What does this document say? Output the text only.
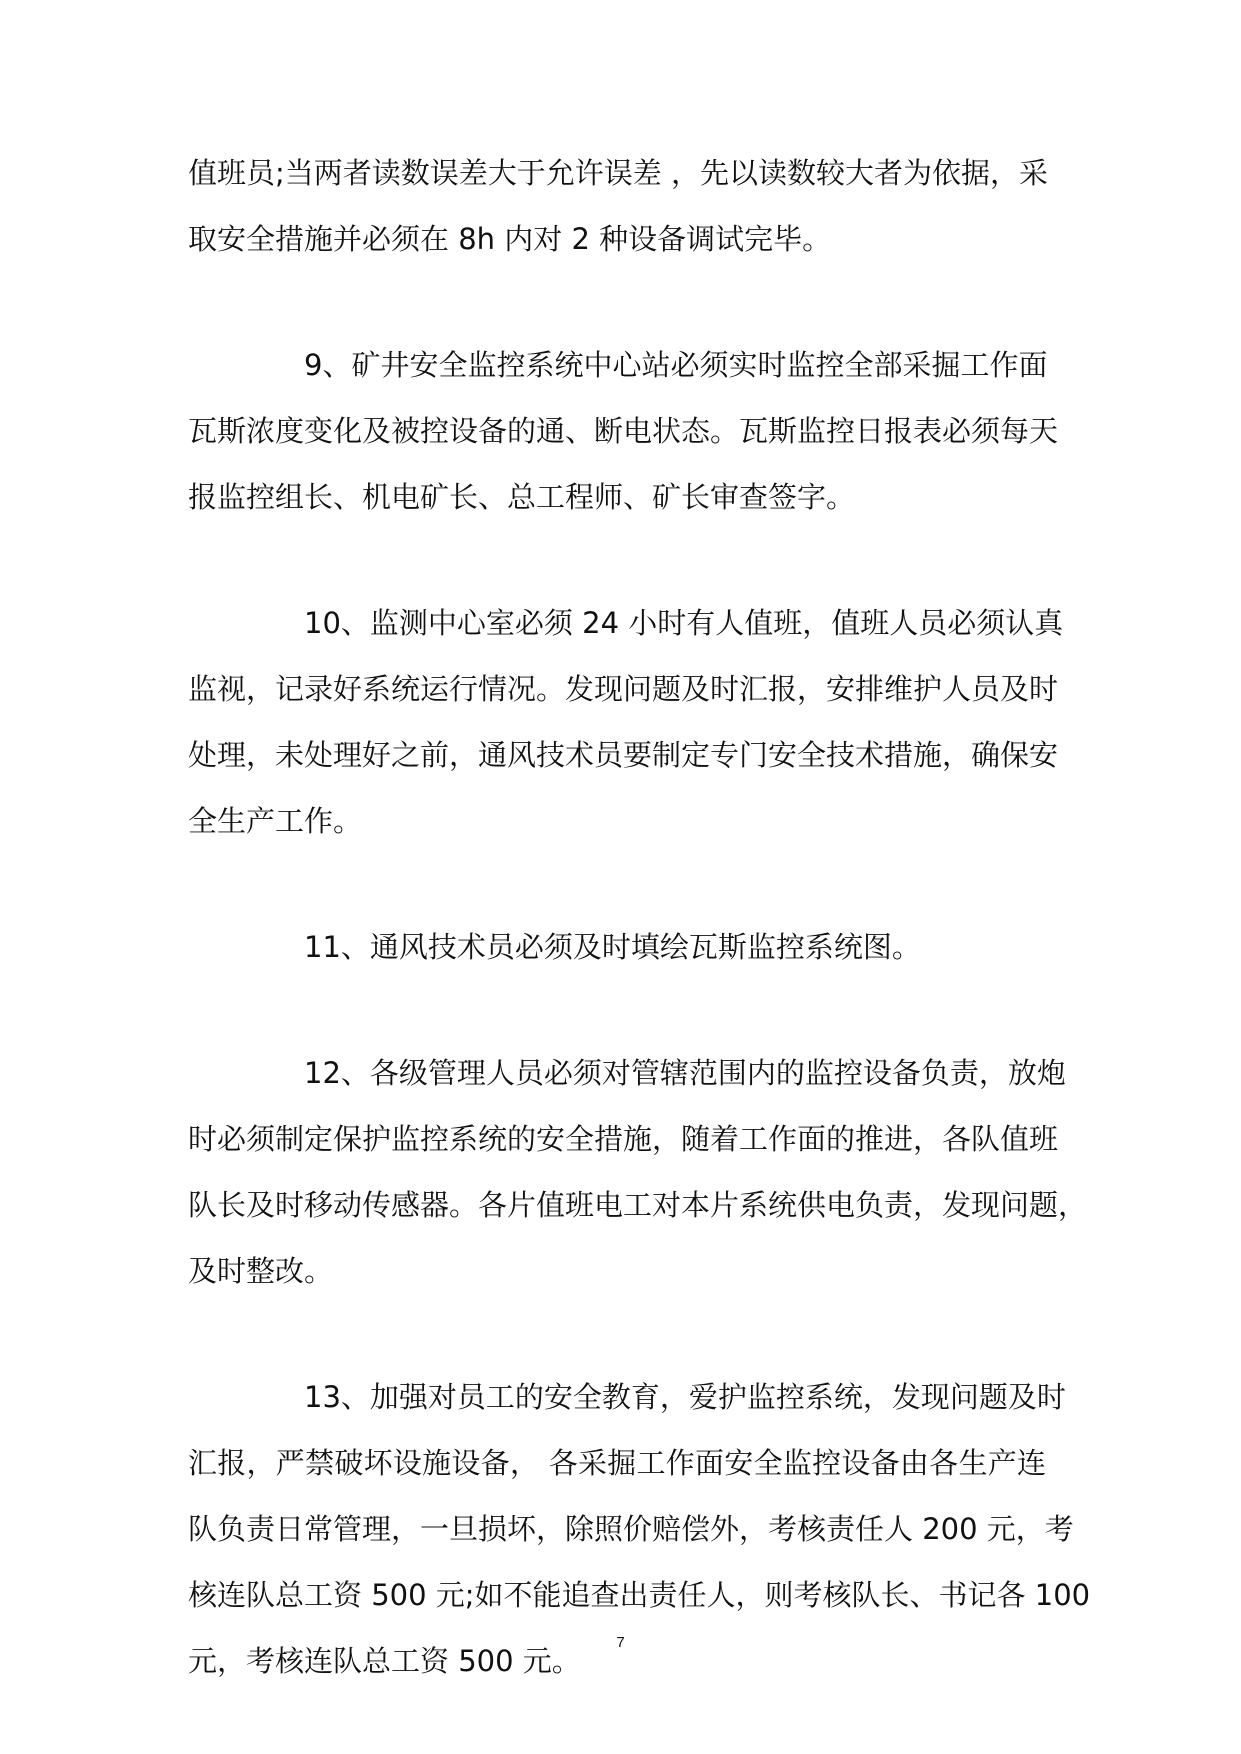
值班员;当两者读数误差大于允许误差 ，先以读数较大者为依据，采
取安全措施并必须在 8h 内对 2 种设备调试完毕。
9、矿井安全监控系统中心站必须实时监控全部采掘工作面
瓦斯浓度变化及被控设备的通、断电状态。瓦斯监控日报表必须每天
报监控组长、机电矿长、总工程师、矿长审查签字。
10、监测中心室必须 24 小时有人值班，值班人员必须认真
监视，记录好系统运行情况。发现问题及时汇报，安排维护人员及时
处理，未处理好之前，通风技术员要制定专门安全技术措施，确保安
全生产工作。
11、通风技术员必须及时填绘瓦斯监控系统图。
12、各级管理人员必须对管辖范围内的监控设备负责，放炮
时必须制定保护监控系统的安全措施，随着工作面的推进，各队值班
队长及时移动传感器。各片值班电工对本片系统供电负责，发现问题，
及时整改。
13、加强对员工的安全教育，爱护监控系统，发现问题及时
汇报，严禁破坏设施设备， 各采掘工作面安全监控设备由各生产连
队负责日常管理，一旦损坏，除照价赔偿外，考核责任人 200 元，考
核连队总工资 500 元;如不能追查出责任人，则考核队长、书记各 100
元，考核连队总工资 500 元。
7
